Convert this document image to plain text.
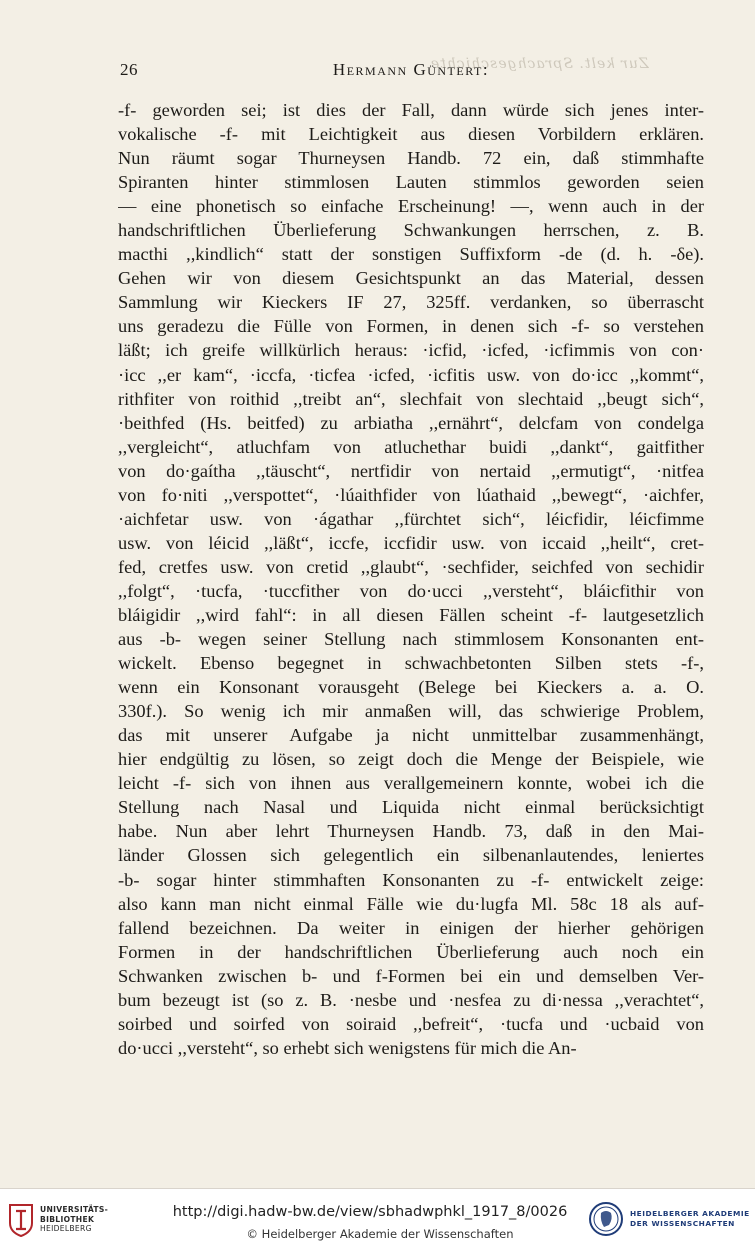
Zur kelt. Sprachgeschichte
26	Hermann Güntert:
-f- geworden sei; ist dies der Fall, dann würde sich jenes inter-
vokalische -f- mit Leichtigkeit aus diesen Vorbildern erklären.
Nun räumt sogar Thurneysen Handb. 72 ein, daß stimmhafte
Spiranten hinter stimmlosen Lauten stimmlos geworden seien
— eine phonetisch so einfache Erscheinung! —, wenn auch in der
handschriftlichen Überlieferung Schwankungen herrschen, z. B.
macthi ,,kindlich“ statt der sonstigen Suffixform -de (d. h. -δe).
Gehen wir von diesem Gesichtspunkt an das Material, dessen
Sammlung wir Kieckers IF 27, 325ff. verdanken, so überrascht
uns geradezu die Fülle von Formen, in denen sich -f- so verstehen
läßt; ich greife willkürlich heraus: ·icfid, ·icfed, ·icfimmis von con·
·icc ,,er kam“, ·iccfa, ·ticfea ·icfed, ·icfitis usw. von do·icc ,,kommt“,
rithfiter von roithid ,,treibt an“, slechfait von slechtaid ,,beugt sich“,
·beithfed (Hs. beitfed) zu arbiatha ,,ernährt“, delcfam von condelga
,,vergleicht“, atluchfam von atluchethar buidi ,,dankt“, gaitfither
von do·gaítha ,,täuscht“, nertfidir von nertaid ,,ermutigt“, ·nitfea
von fo·niti ,,verspottet“, ·lúaithfider von lúathaid ,,bewegt“, ·aichfer,
·aichfetar usw. von ·ágathar ,,fürchtet sich“, léicfidir, léicfimme
usw. von léicid ,,läßt“, iccfe, iccfidir usw. von iccaid ,,heilt“, cret-
fed, cretfes usw. von cretid ,,glaubt“, ·sechfider, seichfed von sechidir
,,folgt“, ·tucfa, ·tuccfither von do·ucci ,,versteht“, bláicfithir von
bláigidir ,,wird fahl“: in all diesen Fällen scheint -f- lautgesetzlich
aus -b- wegen seiner Stellung nach stimmlosem Konsonanten ent-
wickelt. Ebenso begegnet in schwachbetonten Silben stets -f-,
wenn ein Konsonant vorausgeht (Belege bei Kieckers a. a. O.
330f.). So wenig ich mir anmaßen will, das schwierige Problem,
das mit unserer Aufgabe ja nicht unmittelbar zusammenhängt,
hier endgültig zu lösen, so zeigt doch die Menge der Beispiele, wie
leicht -f- sich von ihnen aus verallgemeinern konnte, wobei ich die
Stellung nach Nasal und Liquida nicht einmal berücksichtigt
habe. Nun aber lehrt Thurneysen Handb. 73, daß in den Mai-
länder Glossen sich gelegentlich ein silbenanlautendes, leniertes
-b- sogar hinter stimmhaften Konsonanten zu -f- entwickelt zeige:
also kann man nicht einmal Fälle wie du·lugfa Ml. 58c 18 als auf-
fallend bezeichnen. Da weiter in einigen der hierher gehörigen
Formen in der handschriftlichen Überlieferung auch noch ein
Schwanken zwischen b- und f-Formen bei ein und demselben Ver-
bum bezeugt ist (so z. B. ·nesbe und ·nesfea zu di·nessa ,,verachtet“,
soirbed und soirfed von soiraid ,,befreit“, ·tucfa und ·ucbaid von
do·ucci ,,versteht“, so erhebt sich wenigstens für mich die An-
UNIVERSITÄTS-
BIBLIOTHEK
HEIDELBERG
http://digi.hadw-bw.de/view/sbhadwphkl_1917_8/0026
© Heidelberger Akademie der Wissenschaften
HEIDELBERGER AKADEMIE
DER WISSENSCHAFTEN
